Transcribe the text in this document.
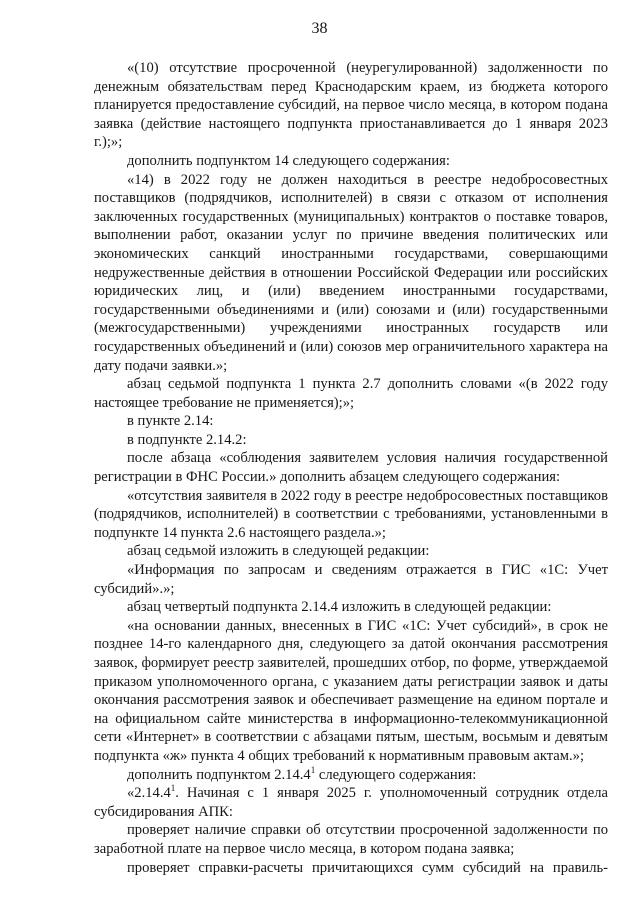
38

«(10) отсутствие просроченной (неурегулированной) задолженности по денежным обязательствам перед Краснодарским краем, из бюджета которого планируется предоставление субсидий, на первое число месяца, в котором подана заявка (действие настоящего подпункта приостанавливается до 1 января 2023 г.);»;

дополнить подпунктом 14 следующего содержания:

«14) в 2022 году не должен находиться в реестре недобросовестных поставщиков (подрядчиков, исполнителей) в связи с отказом от исполнения заключенных государственных (муниципальных) контрактов о поставке товаров, выполнении работ, оказании услуг по причине введения политических или экономических санкций иностранными государствами, совершающими недружественные действия в отношении Российской Федерации или российских юридических лиц, и (или) введением иностранными государствами, государственными объединениями и (или) союзами и (или) государственными (межгосударственными) учреждениями иностранных государств или государственных объединений и (или) союзов мер ограничительного характера на дату подачи заявки.»;

абзац седьмой подпункта 1 пункта 2.7 дополнить словами «(в 2022 году настоящее требование не применяется);»;

в пункте 2.14:

в подпункте 2.14.2:

после абзаца «соблюдения заявителем условия наличия государственной регистрации в ФНС России.» дополнить абзацем следующего содержания:

«отсутствия заявителя в 2022 году в реестре недобросовестных поставщиков (подрядчиков, исполнителей) в соответствии с требованиями, установленными в подпункте 14 пункта 2.6 настоящего раздела.»;

абзац седьмой изложить в следующей редакции:

«Информация по запросам и сведениям отражается в ГИС «1С: Учет субсидий».»;

абзац четвертый подпункта 2.14.4 изложить в следующей редакции:

«на основании данных, внесенных в ГИС «1С: Учет субсидий», в срок не позднее 14-го календарного дня, следующего за датой окончания рассмотрения заявок, формирует реестр заявителей, прошедших отбор, по форме, утверждаемой приказом уполномоченного органа, с указанием даты регистрации заявок и даты окончания рассмотрения заявок и обеспечивает размещение на едином портале и на официальном сайте министерства в информационно-телекоммуникационной сети «Интернет» в соответствии с абзацами пятым, шестым, восьмым и девятым подпункта «ж» пункта 4 общих требований к нормативным правовым актам.»;

дополнить подпунктом 2.14.4$^1$ следующего содержания:

«2.14.4$^1$. Начиная с 1 января 2025 г. уполномоченный сотрудник отдела субсидирования АПК:

проверяет наличие справки об отсутствии просроченной задолженности по заработной плате на первое число месяца, в котором подана заявка;

проверяет справки-расчеты причитающихся сумм субсидий на правиль-
